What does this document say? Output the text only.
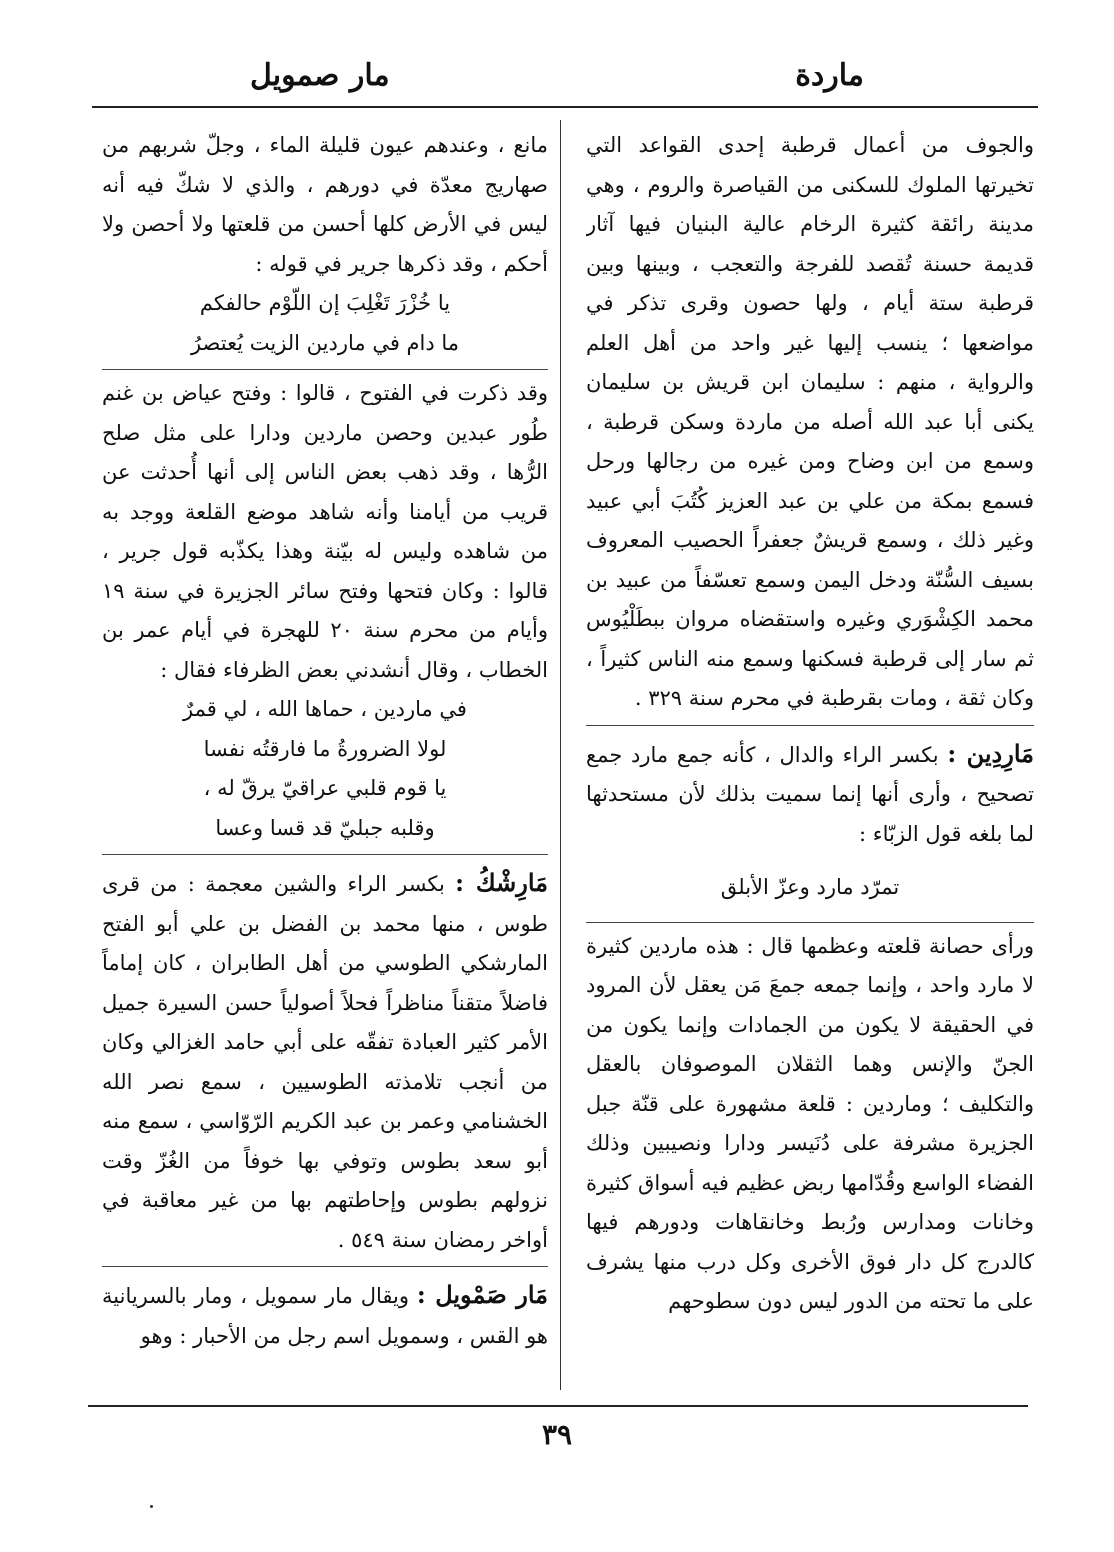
ماردة
مار صمويل

والجوف من أعمال قرطبة إحدى القواعد التي تخيرتها الملوك للسكنى من القياصرة والروم ، وهي مدينة رائقة كثيرة الرخام عالية البنيان فيها آثار قديمة حسنة تُقصد للفرجة والتعجب ، وبينها وبين قرطبة ستة أيام ، ولها حصون وقرى تذكر في مواضعها ؛ ينسب إليها غير واحد من أهل العلم والرواية ، منهم : سليمان ابن قريش بن سليمان يكنى أبا عبد الله أصله من ماردة وسكن قرطبة ، وسمع من ابن وضاح ومن غيره من رجالها ورحل فسمع بمكة من علي بن عبد العزيز كُتُبَ أبي عبيد وغير ذلك ، وسمع قريشٌ جعفراً الحصيب المعروف بسيف السُّنّة ودخل اليمن وسمع تعسّفاً من عبيد بن محمد الكِشْوَري وغيره واستقضاه مروان ببطَلْيُوس ثم سار إلى قرطبة فسكنها وسمع منه الناس كثيراً ، وكان ثقة ، ومات بقرطبة في محرم سنة ٣٢٩ .

مَارِدِين : بكسر الراء والدال ، كأنه جمع مارد جمع تصحيح ، وأرى أنها إنما سميت بذلك لأن مستحدثها لما بلغه قول الزبّاء :

تمرّد مارد وعزّ الأبلق

ورأى حصانة قلعته وعظمها قال : هذه ماردين كثيرة لا مارد واحد ، وإنما جمعه جمعَ مَن يعقل لأن المرود في الحقيقة لا يكون من الجمادات وإنما يكون من الجنّ والإنس وهما الثقلان الموصوفان بالعقل والتكليف ؛ وماردين : قلعة مشهورة على قنّة جبل الجزيرة مشرفة على دُنَيسر ودارا ونصيبين وذلك الفضاء الواسع وقُدّامها ربض عظيم فيه أسواق كثيرة وخانات ومدارس ورُبط وخانقاهات ودورهم فيها كالدرج كل دار فوق الأخرى وكل درب منها يشرف على ما تحته من الدور ليس دون سطوحهم

مانع ، وعندهم عيون قليلة الماء ، وجلّ شربهم من صهاريج معدّة في دورهم ، والذي لا شكّ فيه أنه ليس في الأرض كلها أحسن من قلعتها ولا أحصن ولا أحكم ، وقد ذكرها جرير في قوله :

يا خُزْرَ تَغْلِبَ إن اللّوْم حالفكم

ما دام في ماردين الزيت يُعتصرُ

وقد ذكرت في الفتوح ، قالوا : وفتح عياض بن غنم طُور عبدين وحصن ماردين ودارا على مثل صلح الرُّها ، وقد ذهب بعض الناس إلى أنها أُحدثت عن قريب من أيامنا وأنه شاهد موضع القلعة ووجد به من شاهده وليس له بيّنة وهذا يكذّبه قول جرير ، قالوا : وكان فتحها وفتح سائر الجزيرة في سنة ١٩ وأيام من محرم سنة ٢٠ للهجرة في أيام عمر بن الخطاب ، وقال أنشدني بعض الظرفاء فقال :

في ماردين ، حماها الله ، لي قمرٌ

لولا الضرورةُ ما فارقتُه نفسا

يا قوم قلبي عراقيّ يرقّ له ،

وقلبه جبليّ قد قسا وعسا

مَارِشْكُ : بكسر الراء والشين معجمة : من قرى طوس ، منها محمد بن الفضل بن علي أبو الفتح المارشكي الطوسي من أهل الطابران ، كان إماماً فاضلاً متقناً مناظراً فحلاً أصولياً حسن السيرة جميل الأمر كثير العبادة تفقّه على أبي حامد الغزالي وكان من أنجب تلامذته الطوسيين ، سمع نصر الله الخشنامي وعمر بن عبد الكريم الرّوّاسي ، سمع منه أبو سعد بطوس وتوفي بها خوفاً من الغُزّ وقت نزولهم بطوس وإحاطتهم بها من غير معاقبة في أواخر رمضان سنة ٥٤٩ .

مَار صَمْويل : ويقال مار سمويل ، ومار بالسريانية هو القس ، وسمويل اسم رجل من الأحبار : وهو

٣٩
